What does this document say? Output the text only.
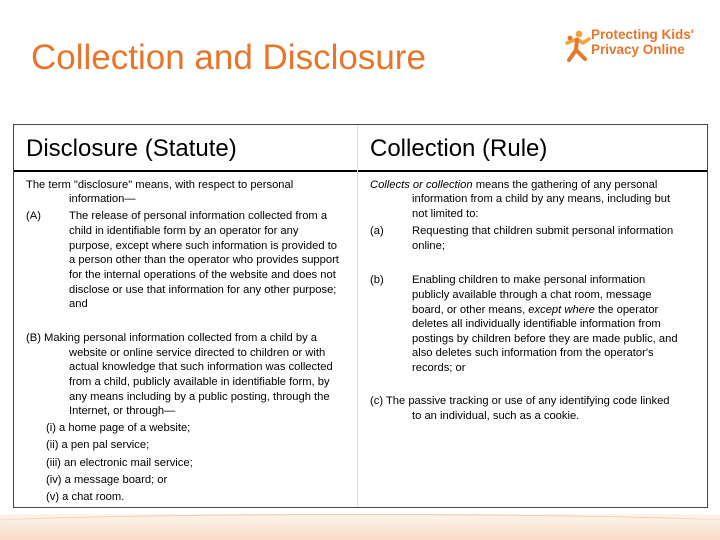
Collection and Disclosure
Protecting Kids'
Privacy Online
Disclosure (Statute)	Collection (Rule)
The term "disclosure" means, with respect to personal
information—
(A)	The release of personal information collected from a
child in identifiable form by an operator for any
purpose, except where such information is provided to
a person other than the operator who provides support
for the internal operations of the website and does not
disclose or use that information for any other purpose;
and
(B) Making personal information collected from a child by a
website or online service directed to children or with
actual knowledge that such information was collected
from a child, publicly available in identifiable form, by
any means including by a public posting, through the
Internet, or through—
(i) a home page of a website;
(ii) a pen pal service;
(iii) an electronic mail service;
(iv) a message board; or
(v) a chat room.
Collects or collection means the gathering of any personal
information from a child by any means, including but
not limited to:
(a)	Requesting that children submit personal information
online;
(b)	Enabling children to make personal information
publicly available through a chat room, message
board, or other means, except where the operator
deletes all individually identifiable information from
postings by children before they are made public, and
also deletes such information from the operator's
records; or
(c) The passive tracking or use of any identifying code linked
to an individual, such as a cookie.
